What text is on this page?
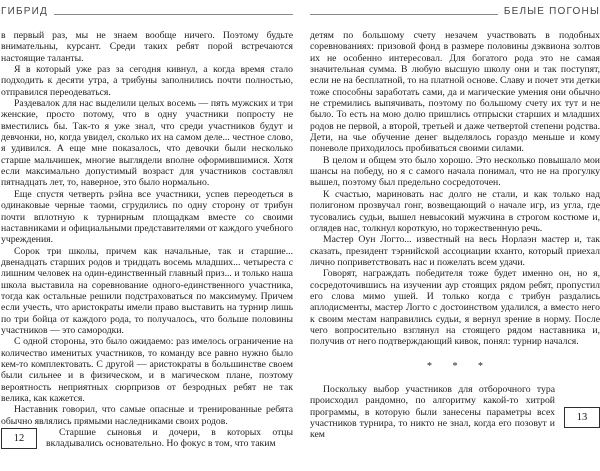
ГИБРИД

в первый раз, мы не знаем вообще ничего. Поэтому будьте внимательны, курсант. Среди таких ребят порой встречаются настоящие таланты.

Я в который уже раз за сегодня кивнул, а когда время стало подходить к десяти утра, а трибуны заполнились почти полностью, отправился переодеваться.

Раздевалок для нас выделили целых восемь — пять мужских и три женские, просто потому, что в одну участники попросту не вместились бы. Так-то я уже знал, что среди участников будут и девчонки, но, когда увидел, сколько их на самом деле... честное слово, я удивился. А еще мне показалось, что девочки были несколько старше мальчишек, многие выглядели вполне оформившимися. Хотя если максимально допустимый возраст для участников составлял пятнадцать лет, то, наверное, это было нормально.

Еще спустя четверть рэйна все участники, успев переодеться в одинаковые черные таоми, сгрудились по одну сторону от трибун почти вплотную к турнирным площадкам вместе со своими наставниками и официальными представителями от каждого учебного учреждения.

Сорок три школы, причем как начальные, так и старшие... двенадцать старших родов и тридцать восемь младших... четыреста с лишним человек на один-единственный главный приз... и только наша школа выставила на соревнование одного-единственного участника, тогда как остальные решили подстраховаться по максимуму. Причем если учесть, что аристократы имели право выставить на турнир лишь по три бойца от каждого рода, то получалось, что больше половины участников — это самородки.

С одной стороны, это было ожидаемо: раз имелось ограничение на количество именитых участников, то команду все равно нужно было кем-то комплектовать. С другой — аристократы в большинстве своем были сильнее и в физическом, и в магическом плане, поэтому вероятность неприятных сюрпризов от безродных ребят не так велика, как кажется.

Наставник говорил, что самые опасные и тренированные ребята обычно являлись прямыми наследниками своих родов.

12
Старшие сыновья и дочери, в которых отцы вкладывались основательно. Но фокус в том, что таким

БЕЛЫЕ ПОГОНЫ

детям по большому счету незачем участвовать в подобных соревнованиях: призовой фонд в размере половины дэквиона золтов их не особенно интересовал. Для богатого рода это не самая значительная сумма. В любую высшую школу они и так поступят, если не на бесплатной, то на платной основе. Славу и почет эти детки тоже способны заработать сами, да и магические умения они обычно не стремились выпячивать, поэтому по большому счету их тут и не было. То есть на мою долю пришлись отпрыски старших и младших родов не первой, а второй, третьей и даже четвертой степени родства. Дети, на чье обучение денег выделялось гораздо меньше и кому поневоле приходилось пробиваться своими силами.

В целом и общем это было хорошо. Это несколько повышало мои шансы на победу, но я с самого начала понимал, что не на прогулку вышел, поэтому был предельно сосредоточен.

К счастью, мариновать нас долго не стали, и как только над полигоном прозвучал гонг, возвещающий о начале игр, из угла, где тусовались судьи, вышел невысокий мужчина в строгом костюме и, оглядев нас, толкнул короткую, но торжественную речь.

Мастер Оун Логто... известный на весь Норлаэн мастер и, так сказать, президент тэрнийской ассоциации кханто, который приехал лично поприветствовать нас и пожелать всем удачи.

Говорят, награждать победителя тоже будет именно он, но я, сосредоточившись на изучении аур стоящих рядом ребят, пропустил его слова мимо ушей. И только когда с трибун раздались аплодисменты, мастер Логто с достоинством удалился, а вместо него к своим местам направились судьи, я вернул зрение в норму. После чего вопросительно взглянул на стоящего рядом наставника и, получив от него подтверждающий кивок, понял: турнир начался.

* * *

13
Поскольку выбор участников для отборочного тура происходил рандомно, по алгоритму какой-то хитрой программы, в которую были занесены параметры всех участников турнира, то никто не знал, когда его позовут и кем
